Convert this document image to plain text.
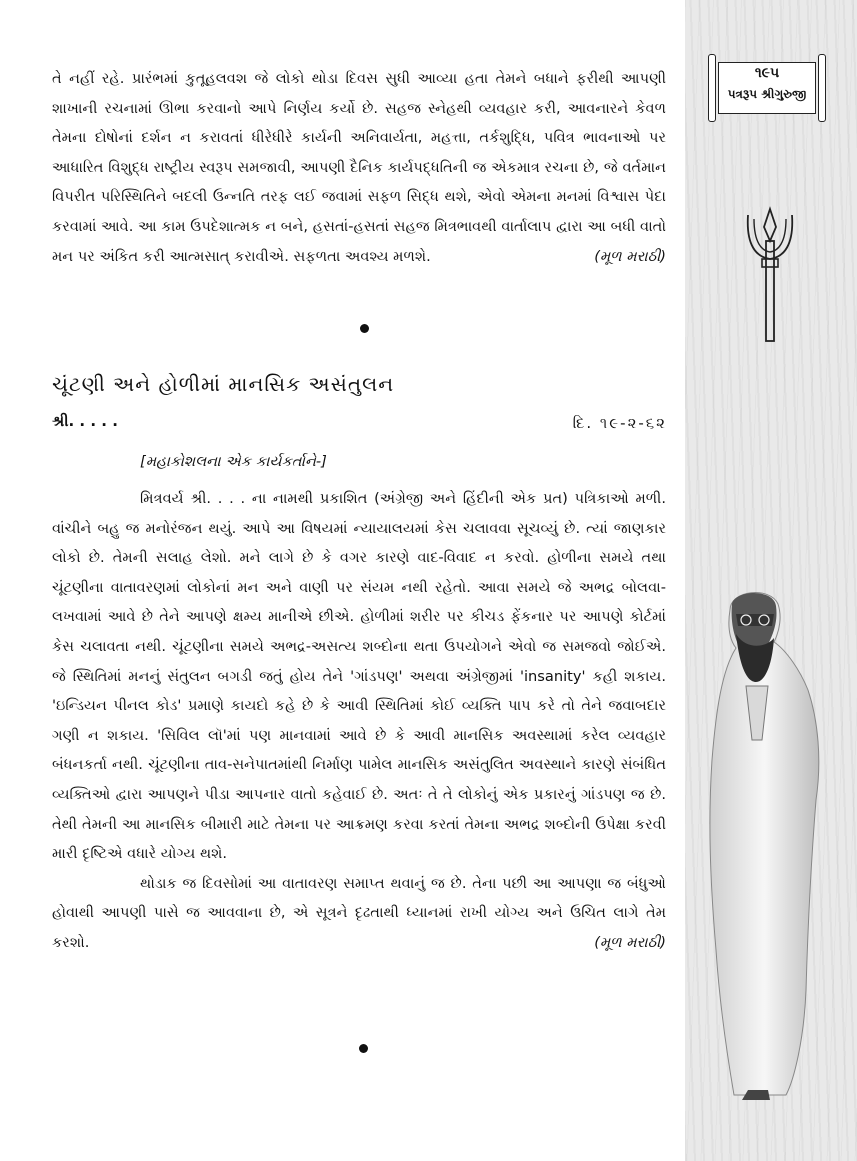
૧૯૫
પત્રરૂપ શ્રીગુરુજી

તે નહીં રહે. પ્રારંભમાં કુતૂહલવશ જે લોકો થોડા દિવસ સુધી આવ્યા હતા તેમને બધાને ફરીથી આપણી શાખાની રચનામાં ઊભા કરવાનો આપે નિર્ણય કર્યો છે. સહજ સ્નેહથી વ્યવહાર કરી, આવનારને કેવળ તેમના દોષોનાં દર્શન ન કરાવતાં ધીરેધીરે કાર્યની અનિવાર્યતા, મહત્તા, તર્કશુદ્ધિ, પવિત્ર ભાવનાઓ પર આધારિત વિશુદ્ધ રાષ્ટ્રીય સ્વરૂપ સમજાવી, આપણી દૈનિક કાર્યપદ્ધતિની જ એકમાત્ર રચના છે, જે વર્તમાન વિપરીત પરિસ્થિતિને બદલી ઉન્નતિ તરફ લઈ જવામાં સફળ સિદ્ધ થશે, એવો એમના મનમાં વિશ્વાસ પેદા કરવામાં આવે. આ કામ ઉપદેશાત્મક ન બને, હસતાં-હસતાં સહજ મિત્રભાવથી વાર્તાલાપ દ્વારા આ બધી વાતો મન પર અંકિત કરી આત્મસાત્ કરાવીએ. સફળતા અવશ્ય મળશે.	(મૂળ મરાઠી)

ચૂંટણી અને હોળીમાં માનસિક અસંતુલન
શ્રી. . . . .	દિ. ૧૯-૨-૬૨
[મહાકોશલના એક કાર્યકર્તાને-]

મિત્રવર્ય શ્રી. . . . ના નામથી પ્રકાશિત (અંગ્રેજી અને હિંદીની એક પ્રત) પત્રિકાઓ મળી. વાંચીને બહુ જ મનોરંજન થયું. આપે આ વિષયમાં ન્યાયાલયમાં કેસ ચલાવવા સૂચવ્યું છે. ત્યાં જાણકાર લોકો છે. તેમની સલાહ લેશો. મને લાગે છે કે વગર કારણે વાદ-વિવાદ ન કરવો. હોળીના સમયે તથા ચૂંટણીના વાતાવરણમાં લોકોનાં મન અને વાણી પર સંયમ નથી રહેતો. આવા સમયે જે અભદ્ર બોલવા-લખવામાં આવે છે તેને આપણે ક્ષમ્ય માનીએ છીએ. હોળીમાં શરીર પર કીચડ ફેંકનાર પર આપણે કોર્ટમાં કેસ ચલાવતા નથી. ચૂંટણીના સમયે અભદ્ર-અસત્ય શબ્દોના થતા ઉપયોગને એવો જ સમજવો જોઈએ. જે સ્થિતિમાં મનનું સંતુલન બગડી જતું હોય તેને 'ગાંડપણ' અથવા અંગ્રેજીમાં 'insanity' કહી શકાય. 'ઇન્ડિયન પીનલ કોડ' પ્રમાણે કાયદો કહે છે કે આવી સ્થિતિમાં કોઈ વ્યક્તિ પાપ કરે તો તેને જવાબદાર ગણી ન શકાય. 'સિવિલ લૉ'માં પણ માનવામાં આવે છે કે આવી માનસિક અવસ્થામાં કરેલ વ્યવહાર બંધનકર્તા નથી. ચૂંટણીના તાવ-સનેપાતમાંથી નિર્માણ પામેલ માનસિક અસંતુલિત અવસ્થાને કારણે સંબંધિત વ્યક્તિઓ દ્વારા આપણને પીડા આપનાર વાતો કહેવાઈ છે. અતઃ તે તે લોકોનું એક પ્રકારનું ગાંડપણ જ છે. તેથી તેમની આ માનસિક બીમારી માટે તેમના પર આક્રમણ કરવા કરતાં તેમના અભદ્ર શબ્દોની ઉપેક્ષા કરવી મારી દૃષ્ટિએ વધારે યોગ્ય થશે.

થોડાક જ દિવસોમાં આ વાતાવરણ સમાપ્ત થવાનું જ છે. તેના પછી આ આપણા જ બંધુઓ હોવાથી આપણી પાસે જ આવવાના છે, એ સૂત્રને દૃઢતાથી ધ્યાનમાં રાખી યોગ્ય અને ઉચિત લાગે તેમ કરશો.	(મૂળ મરાઠી)
